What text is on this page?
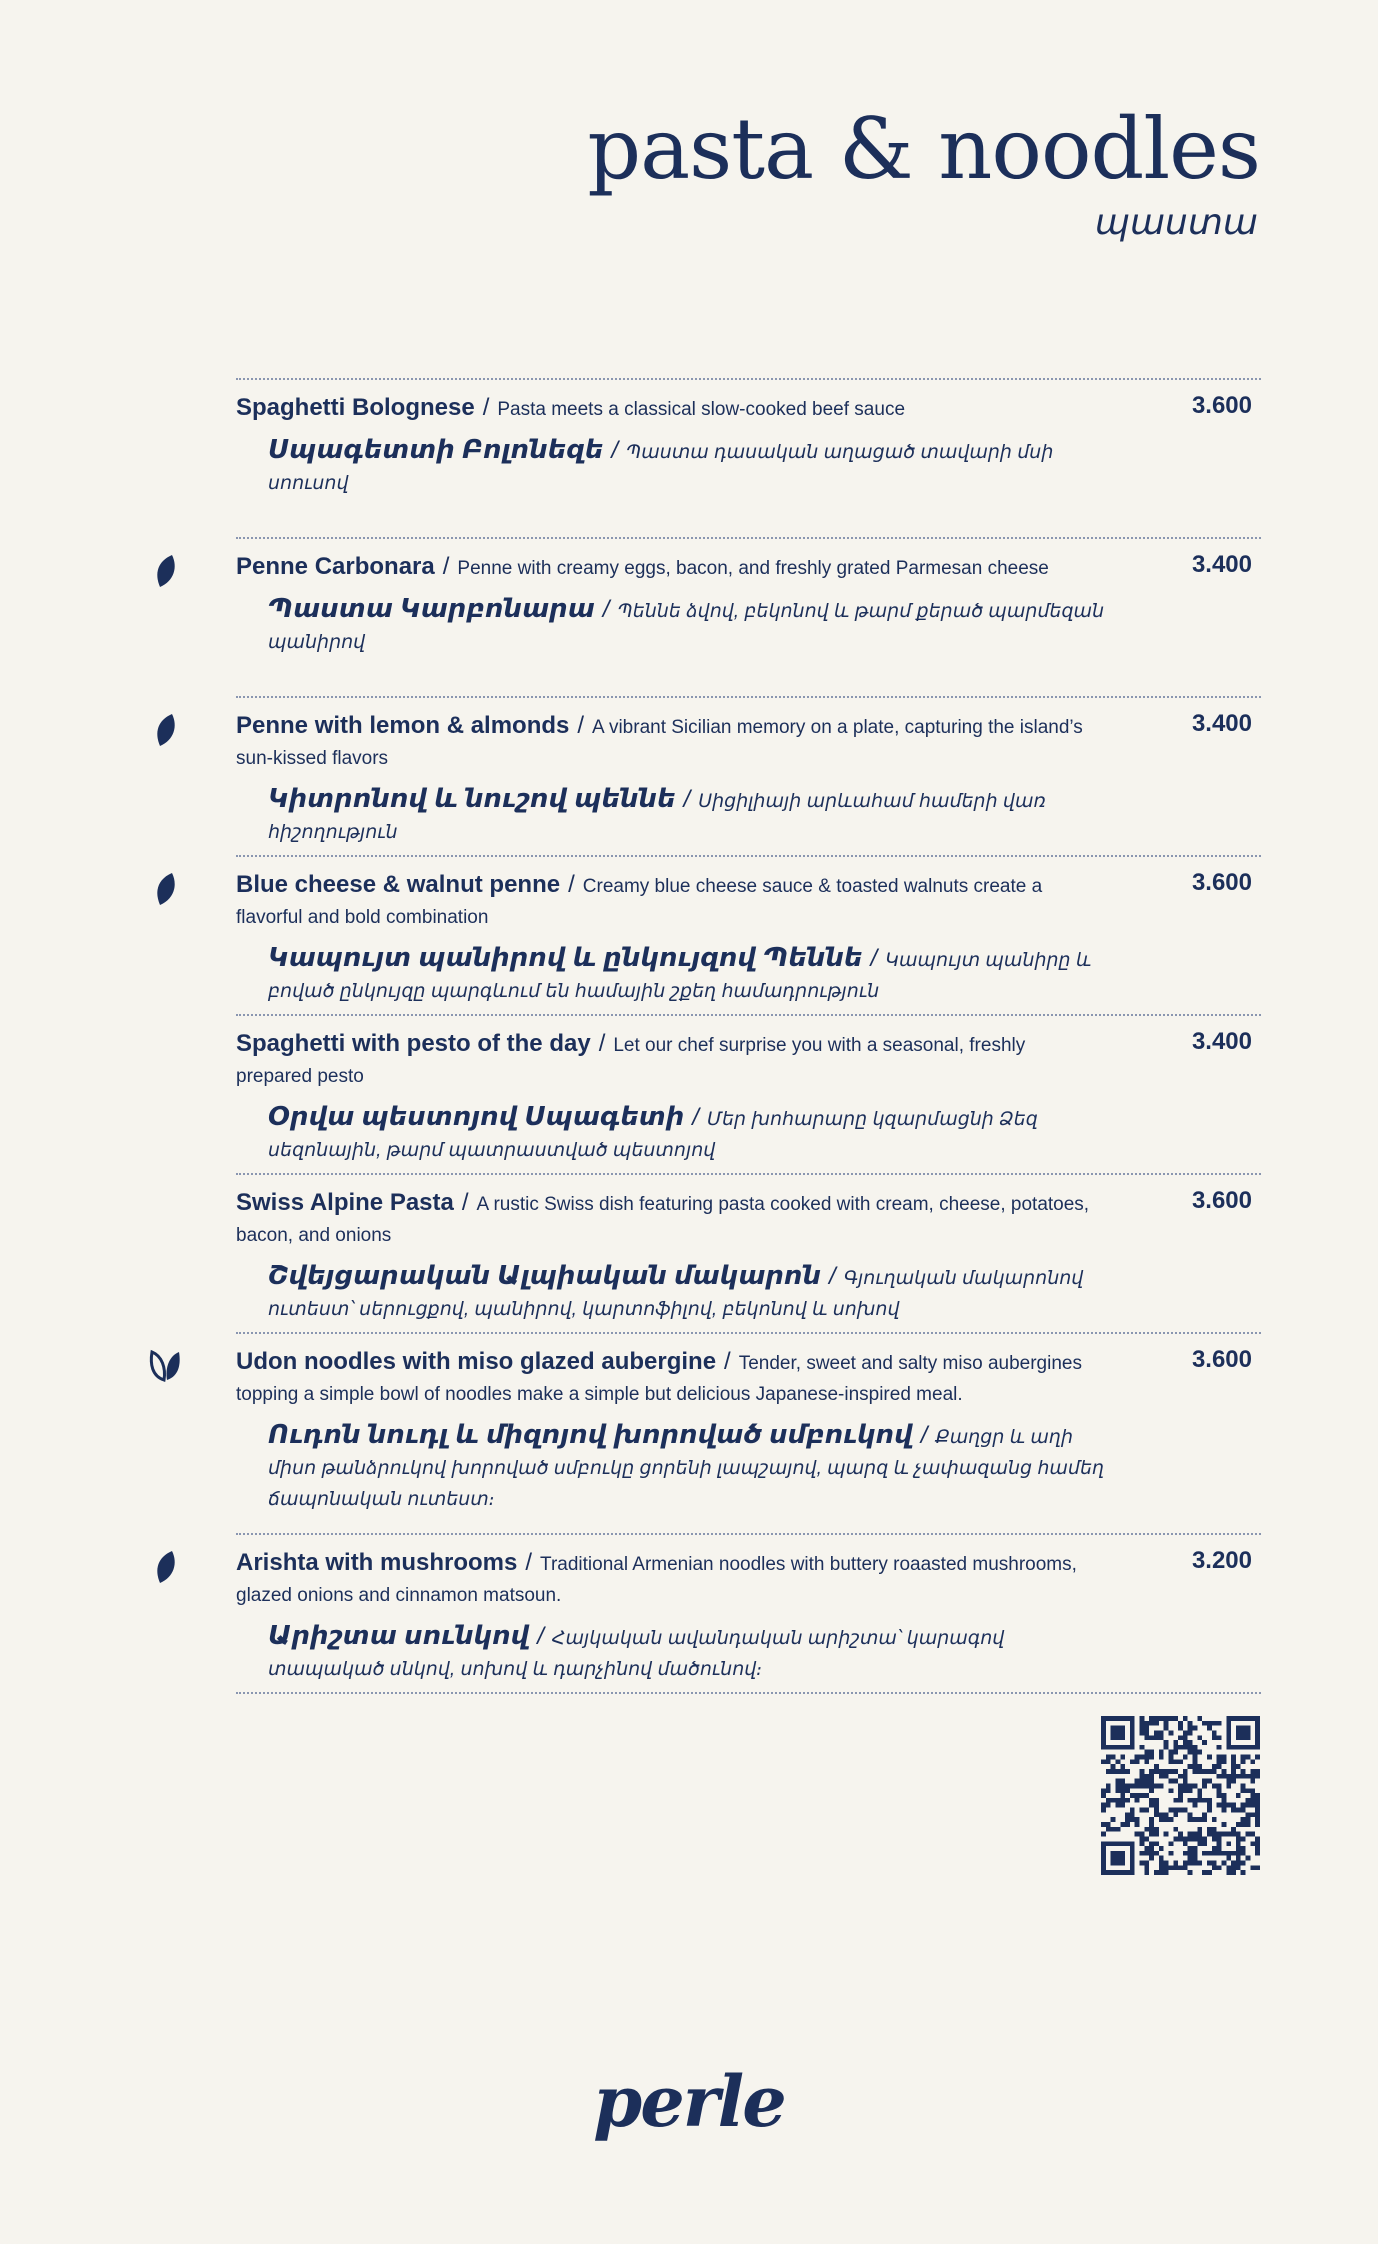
pasta & noodles
պաստա
Spaghetti Bolognese / Pasta meets a classical slow-cooked beef sauce
Սպագետտի Բոլոնեզե / Պաստա դասական աղացած տավարի մսի սոուսով
3.600
Penne Carbonara / Penne with creamy eggs, bacon, and freshly grated Parmesan cheese
Պաստա Կարբոնարա / Պեննե ձվով, բեկոնով և թարմ քերած պարմեզան պանիրով
3.400
Penne with lemon & almonds / A vibrant Sicilian memory on a plate, capturing the island’s sun-kissed flavors
Կիտրոնով և նուշով պեննե / Սիցիլիայի արևահամ համերի վառ հիշողություն
3.400
Blue cheese & walnut penne / Creamy blue cheese sauce & toasted walnuts create a flavorful and bold combination
Կապույտ պանիրով և ընկույզով Պեննե / Կապույտ պանիրը և բոված ընկույզը պարգևում են համային շքեղ համադրություն
3.600
Spaghetti with pesto of the day / Let our chef surprise you with a seasonal, freshly prepared pesto
Օրվա պեստոյով Սպագետի / Մեր խոհարարը կզարմացնի Ձեզ սեզոնային, թարմ պատրաստված պեստոյով
3.400
Swiss Alpine Pasta / A rustic Swiss dish featuring pasta cooked with cream, cheese, potatoes, bacon, and onions
Շվեյցարական Ալպիական մակարոն / Գյուղական մակարոնով ուտեստ՝ սերուցքով, պանիրով, կարտոֆիլով, բեկոնով և սոխով
3.600
Udon noodles with miso glazed aubergine / Tender, sweet and salty miso aubergines topping a simple bowl of noodles make a simple but delicious Japanese-inspired meal.
Ուդոն նուդլ և միզոյով խորոված սմբուկով / Քաղցր և աղի միսո թանձրուկով խորոված սմբուկը ցորենի լապշայով, պարզ և չափազանց համեղ ճապոնական ուտեստ։
3.600
Arishta with mushrooms / Traditional Armenian noodles with buttery roaasted mushrooms, glazed onions and cinnamon matsoun.
Արիշտա սունկով / Հայկական ավանդական արիշտա՝ կարագով տապակած սնկով, սոխով և դարչինով մածունով։
3.200
perle
